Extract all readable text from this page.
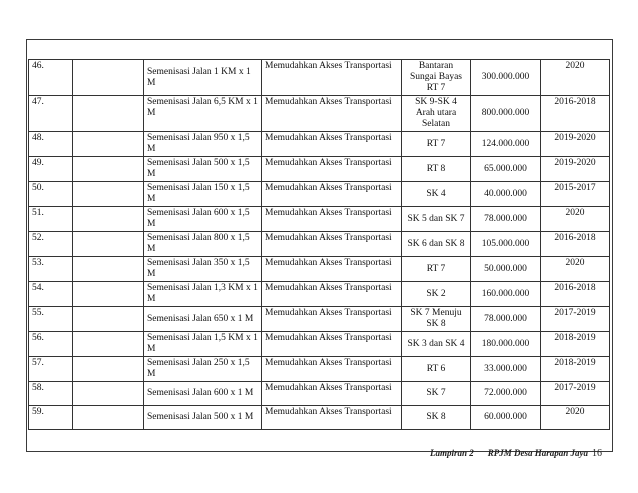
46.		Semenisasi Jalan 1 KM x 1 M	Memudahkan Akses Transportasi	Bantaran Sungai Bayas RT 7	300.000.000	2020
47.		Semenisasi Jalan 6,5 KM x 1 M	Memudahkan Akses Transportasi	SK 9-SK 4 Arah utara Selatan	800.000.000	2016-2018
48.		Semenisasi Jalan 950 x 1,5 M	Memudahkan Akses Transportasi	RT 7	124.000.000	2019-2020
49.		Semenisasi Jalan 500 x 1,5 M	Memudahkan Akses Transportasi	RT 8	65.000.000	2019-2020
50.		Semenisasi Jalan 150 x 1,5 M	Memudahkan Akses Transportasi	SK 4	40.000.000	2015-2017
51.		Semenisasi Jalan 600 x 1,5 M	Memudahkan Akses Transportasi	SK 5 dan SK 7	78.000.000	2020
52.		Semenisasi Jalan 800 x 1,5 M	Memudahkan Akses Transportasi	SK 6 dan SK 8	105.000.000	2016-2018
53.		Semenisasi Jalan 350 x 1,5 M	Memudahkan Akses Transportasi	RT 7	50.000.000	2020
54.		Semenisasi Jalan 1,3 KM x 1 M	Memudahkan Akses Transportasi	SK 2	160.000.000	2016-2018
55.		Semenisasi Jalan 650 x 1 M	Memudahkan Akses Transportasi	SK 7 Menuju SK 8	78.000.000	2017-2019
56.		Semenisasi Jalan 1,5 KM x 1 M	Memudahkan Akses Transportasi	SK 3 dan SK 4	180.000.000	2018-2019
57.		Semenisasi Jalan 250 x 1,5 M	Memudahkan Akses Transportasi	RT 6	33.000.000	2018-2019
58.		Semenisasi Jalan 600 x 1 M	Memudahkan Akses Transportasi	SK 7	72.000.000	2017-2019
59.		Semenisasi Jalan 500 x 1 M	Memudahkan Akses Transportasi	SK 8	60.000.000	2020
Lampiran 2 RPJM Desa Harapan Jaya 16
